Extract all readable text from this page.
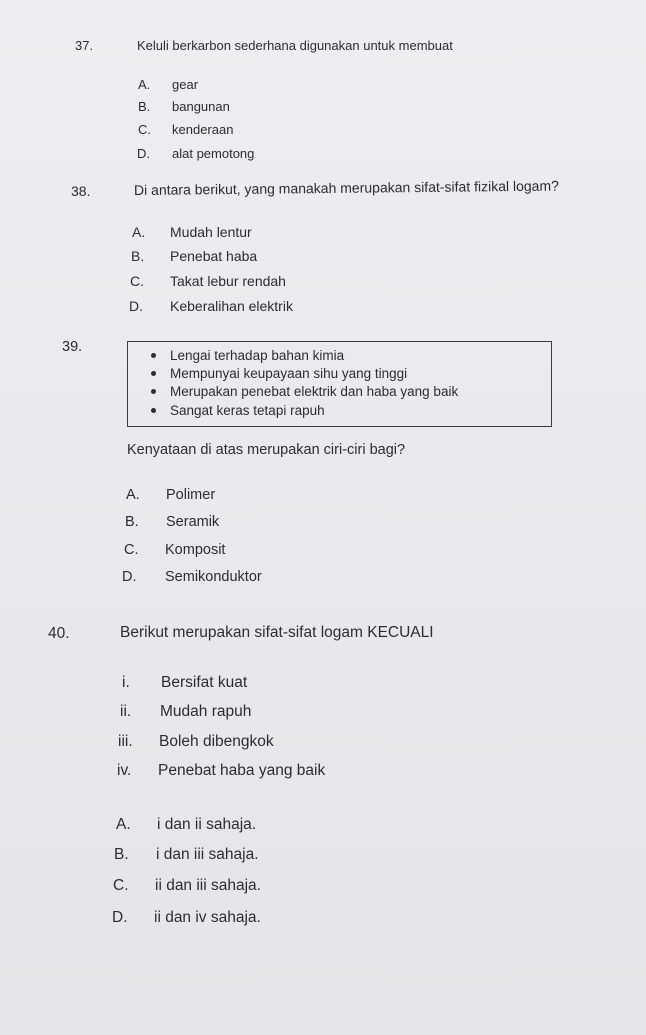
37.	Keluli berkarbon sederhana digunakan untuk membuat
A. gear
B. bangunan
C. kenderaan
D. alat pemotong
38.	Di antara berikut, yang manakah merupakan sifat-sifat fizikal logam?
A. Mudah lentur
B. Penebat haba
C. Takat lebur rendah
D. Keberalihan elektrik
39.
Lengai terhadap bahan kimia
Mempunyai keupayaan sihu yang tinggi
Merupakan penebat elektrik dan haba yang baik
Sangat keras tetapi rapuh
Kenyataan di atas merupakan ciri-ciri bagi?
A. Polimer
B. Seramik
C. Komposit
D. Semikonduktor
40.	Berikut merupakan sifat-sifat logam KECUALI
i. Bersifat kuat
ii. Mudah rapuh
iii. Boleh dibengkok
iv. Penebat haba yang baik
A. i dan ii sahaja.
B. i dan iii sahaja.
C. ii dan iii sahaja.
D. ii dan iv sahaja.
